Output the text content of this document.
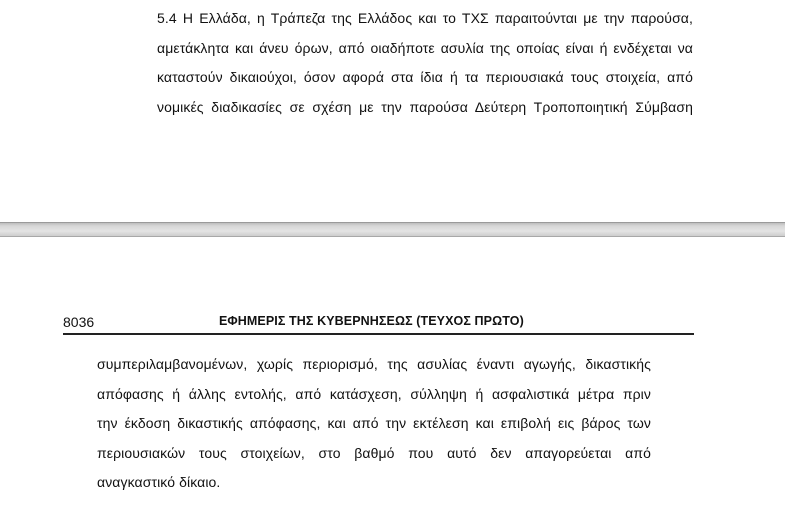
5.4 Η Ελλάδα, η Τράπεζα της Ελλάδος και το ΤΧΣ παραιτούνται με την παρούσα,
αμετάκλητα και άνευ όρων, από οιαδήποτε ασυλία της οποίας είναι ή ενδέχεται να
καταστούν δικαιούχοι, όσον αφορά στα ίδια ή τα περιουσιακά τους στοιχεία, από
νομικές διαδικασίες σε σχέση με την παρούσα Δεύτερη Τροποποιητική Σύμβαση
8036	ΕΦΗΜΕΡΙΣ ΤΗΣ ΚΥΒΕΡΝΗΣΕΩΣ (ΤΕΥΧΟΣ ΠΡΩΤΟ)
συμπεριλαμβανομένων, χωρίς περιορισμό, της ασυλίας έναντι αγωγής, δικαστικής
απόφασης ή άλλης εντολής, από κατάσχεση, σύλληψη ή ασφαλιστικά μέτρα πριν
την έκδοση δικαστικής απόφασης, και από την εκτέλεση και επιβολή εις βάρος των
περιουσιακών τους στοιχείων, στο βαθμό που αυτό δεν απαγορεύεται από
αναγκαστικό δίκαιο.
